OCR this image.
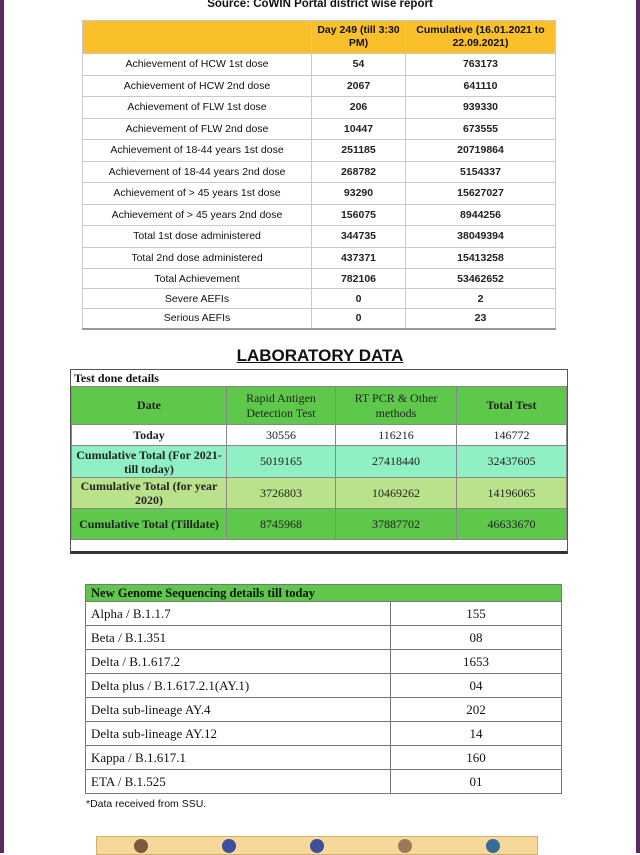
Source: CoWIN Portal district wise report
	Day 249 (till 3:30 PM)	Cumulative (16.01.2021 to 22.09.2021)
Achievement of HCW 1st dose	54	763173
Achievement of HCW 2nd dose	2067	641110
Achievement of FLW 1st dose	206	939330
Achievement of FLW 2nd dose	10447	673555
Achievement of 18-44 years 1st dose	251185	20719864
Achievement of 18-44 years 2nd dose	268782	5154337
Achievement of > 45 years 1st dose	93290	15627027
Achievement of > 45 years 2nd dose	156075	8944256
Total 1st dose administered	344735	38049394
Total 2nd dose administered	437371	15413258
Total Achievement	782106	53462652
Severe AEFIs	0	2
Serious AEFIs	0	23
LABORATORY DATA
Test done details
Date	Rapid Antigen Detection Test	RT PCR & Other methods	Total Test
Today	30556	116216	146772
Cumulative Total (For 2021- till today)	5019165	27418440	32437605
Cumulative Total (for year 2020)	3726803	10469262	14196065
Cumulative Total (Tilldate)	8745968	37887702	46633670
New Genome Sequencing details till today	
Alpha / B.1.1.7	155
Beta / B.1.351	08
Delta / B.1.617.2	1653
Delta plus / B.1.617.2.1(AY.1)	04
Delta sub-lineage AY.4	202
Delta sub-lineage AY.12	14
Kappa / B.1.617.1	160
ETA / B.1.525	01
*Data received from SSU.
